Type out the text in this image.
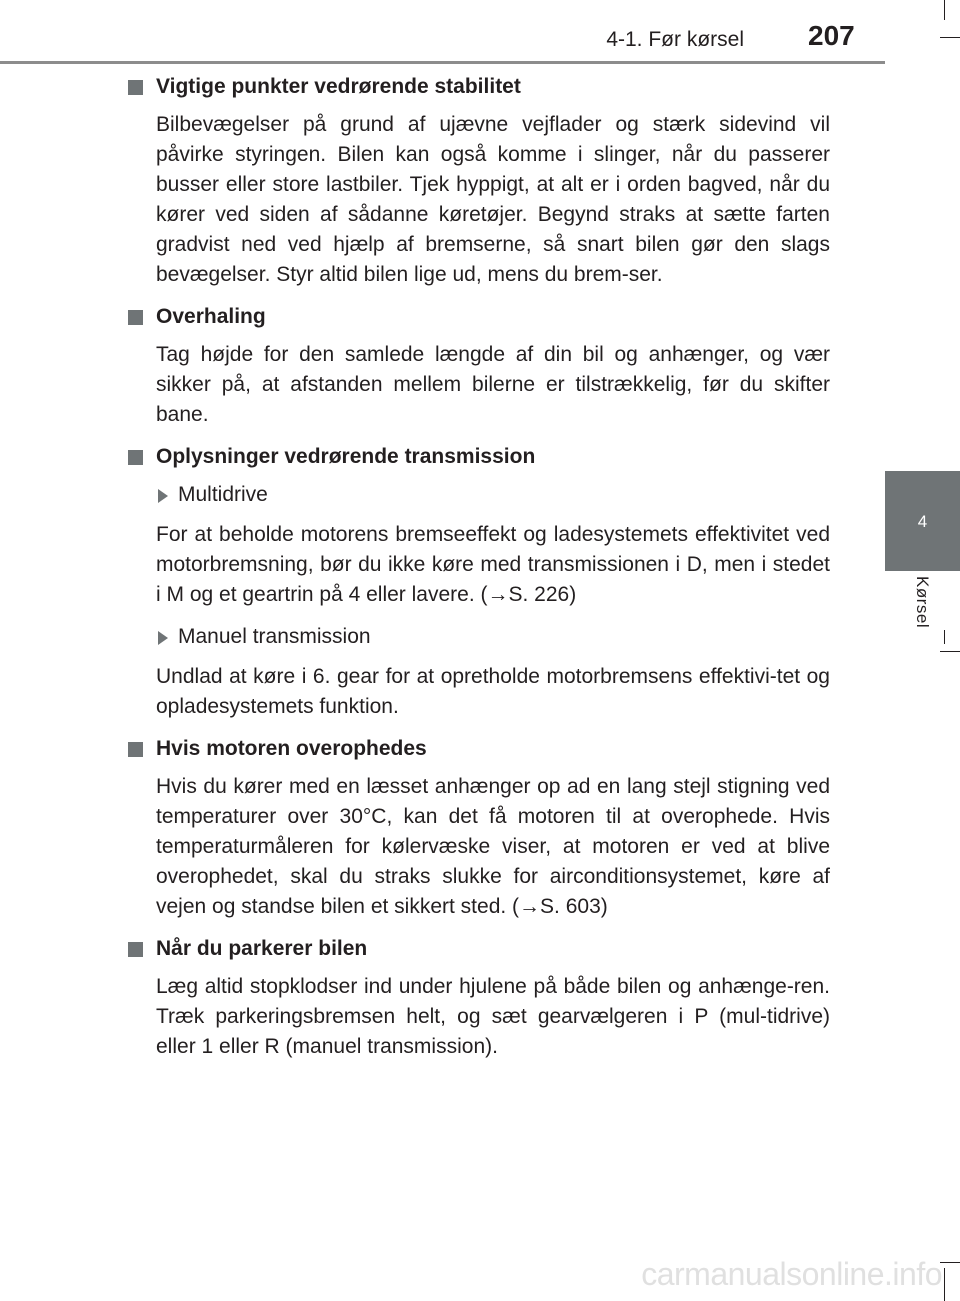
4-1. Før kørsel 207
4
Kørsel
Vigtige punkter vedrørende stabilitet
Bilbevægelser på grund af ujævne vejflader og stærk sidevind vil påvirke styringen. Bilen kan også komme i slinger, når du passerer busser eller store lastbiler. Tjek hyppigt, at alt er i orden bagved, når du kører ved siden af sådanne køretøjer. Begynd straks at sætte farten gradvist ned ved hjælp af bremserne, så snart bilen gør den slags bevægelser. Styr altid bilen lige ud, mens du brem-ser.
Overhaling
Tag højde for den samlede længde af din bil og anhænger, og vær sikker på, at afstanden mellem bilerne er tilstrækkelig, før du skifter bane.
Oplysninger vedrørende transmission
Multidrive
For at beholde motorens bremseeffekt og ladesystemets effektivitet ved motorbremsning, bør du ikke køre med transmissionen i D, men i stedet i M og et geartrin på 4 eller lavere. (→S. 226)
Manuel transmission
Undlad at køre i 6. gear for at opretholde motorbremsens effektivi-tet og opladesystemets funktion.
Hvis motoren overophedes
Hvis du kører med en læsset anhænger op ad en lang stejl stigning ved temperaturer over 30°C, kan det få motoren til at overophede. Hvis temperaturmåleren for kølervæske viser, at motoren er ved at blive overophedet, skal du straks slukke for airconditionsystemet, køre af vejen og standse bilen et sikkert sted. (→S. 603)
Når du parkerer bilen
Læg altid stopklodser ind under hjulene på både bilen og anhænge-ren. Træk parkeringsbremsen helt, og sæt gearvælgeren i P (mul-tidrive) eller 1 eller R (manuel transmission).
carmanualsonline.info
